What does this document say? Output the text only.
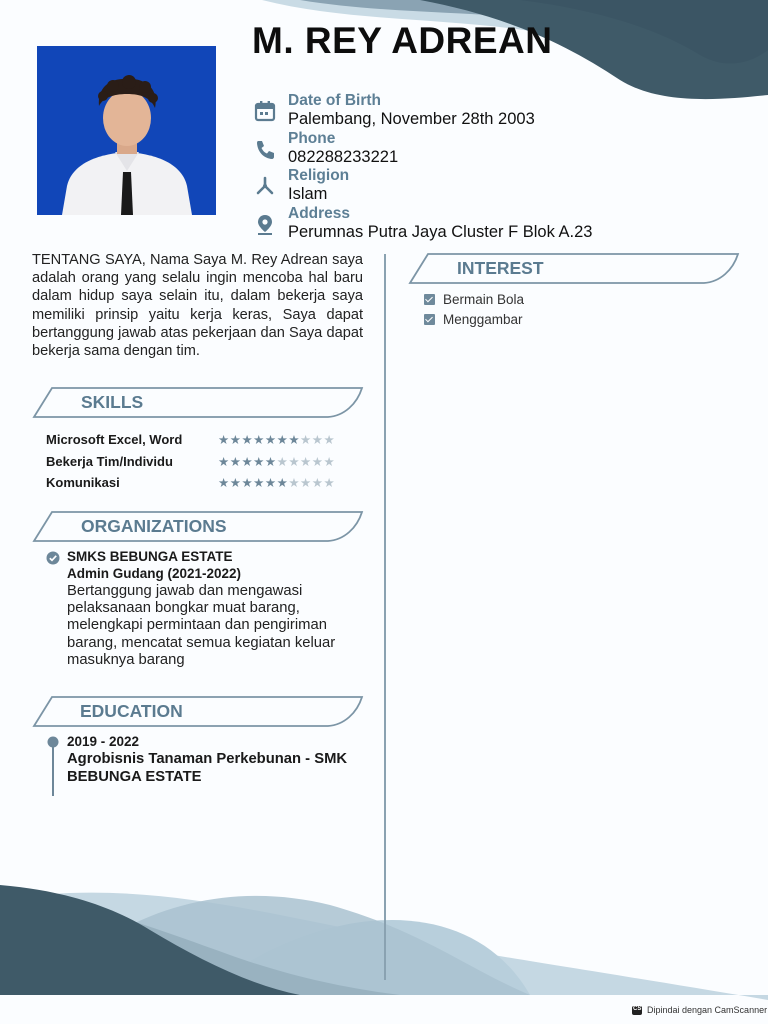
M. REY ADREAN
Date of Birth
Palembang, November 28th 2003
Phone
082288233221
Religion
Islam
Address
Perumnas Putra Jaya Cluster F Blok A.23
TENTANG SAYA, Nama Saya M. Rey Adrean saya adalah orang yang selalu ingin mencoba hal baru dalam hidup saya selain itu, dalam bekerja saya memiliki prinsip yaitu kerja keras, Saya dapat bertanggung jawab atas pekerjaan dan Saya dapat bekerja sama dengan tim.
SKILLS
Microsoft Excel, Word	★★★★★★★★★★
Bekerja Tim/Individu	★★★★★★★★★★
Komunikasi	★★★★★★★★★★
ORGANIZATIONS
SMKS BEBUNGA ESTATE
Admin Gudang (2021-2022)
Bertanggung jawab dan mengawasi pelaksanaan bongkar muat barang, melengkapi permintaan dan pengiriman barang, mencatat semua kegiatan keluar masuknya barang
EDUCATION
2019 - 2022
Agrobisnis Tanaman Perkebunan - SMK BEBUNGA ESTATE
INTEREST
Bermain Bola
Menggambar
CS
Dipindai dengan CamScanner
